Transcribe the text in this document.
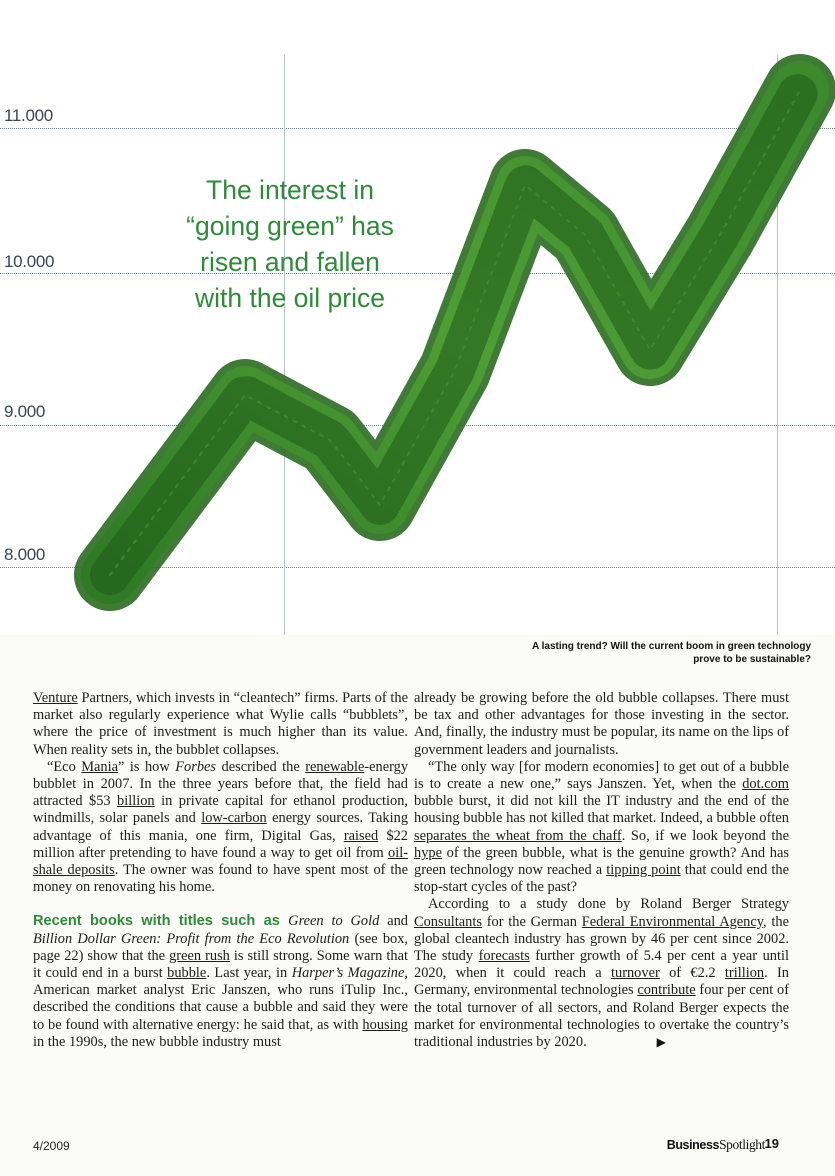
11.000
10.000
9.000
8.000
The interest in
“going green” has
risen and fallen
with the oil price
A lasting trend? Will the current boom in green technology prove to be sustainable?

Venture Partners, which invests in “cleantech” firms. Parts of the market also regularly experience what Wylie calls “bubblets”, where the price of investment is much higher than its value. When reality sets in, the bubblet collapses.

“Eco Mania” is how Forbes described the renewable-energy bubblet in 2007. In the three years before that, the field had attracted $53 billion in private capital for ethanol production, windmills, solar panels and low-carbon energy sources. Taking advantage of this mania, one firm, Digital Gas, raised $22 million after pretending to have found a way to get oil from oil-shale deposits. The owner was found to have spent most of the money on renovating his home.

Recent books with titles such as Green to Gold and Billion Dollar Green: Profit from the Eco Revolution (see box, page 22) show that the green rush is still strong. Some warn that it could end in a burst bubble. Last year, in Harper’s Magazine, American market analyst Eric Janszen, who runs iTulip Inc., described the conditions that cause a bubble and said they were to be found with alternative energy: he said that, as with housing in the 1990s, the new bubble industry must

already be growing before the old bubble collapses. There must be tax and other advantages for those investing in the sector. And, finally, the industry must be popular, its name on the lips of government leaders and journalists.

“The only way [for modern economies] to get out of a bubble is to create a new one,” says Janszen. Yet, when the dot.com bubble burst, it did not kill the IT industry and the end of the housing bubble has not killed that market. Indeed, a bubble often separates the wheat from the chaff. So, if we look beyond the hype of the green bubble, what is the genuine growth? And has green technology now reached a tipping point that could end the stop-start cycles of the past?

According to a study done by Roland Berger Strategy Consultants for the German Federal Environmental Agency, the global cleantech industry has grown by 46 per cent since 2002. The study forecasts further growth of 5.4 per cent a year until 2020, when it could reach a turnover of €2.2 trillion. In Germany, environmental technologies contribute four per cent of the total turnover of all sectors, and Roland Berger expects the market for environmental technologies to overtake the country’s traditional industries by 2020.	▶

4/2009	BusinessSpotlight 19
